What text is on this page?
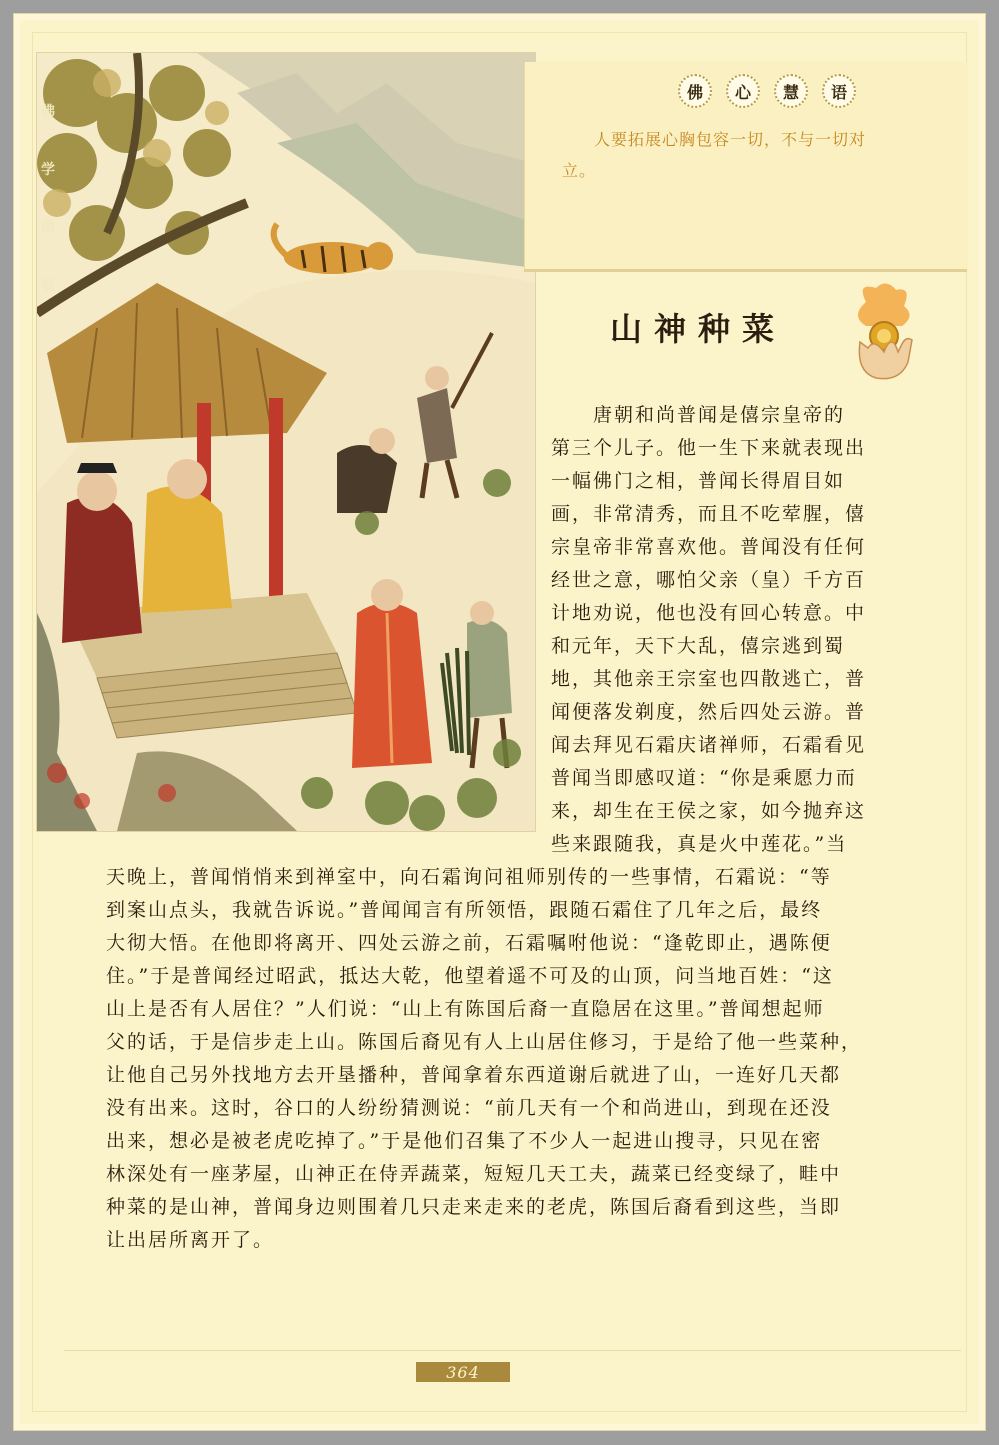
佛 学 图 说
佛	心	慧	语
人要拓展心胸包容一切，不与一切对立。
山神种菜
　　唐朝和尚普闻是僖宗皇帝的
第三个儿子。他一生下来就表现出
一幅佛门之相，普闻长得眉目如
画，非常清秀，而且不吃荤腥，僖
宗皇帝非常喜欢他。普闻没有任何
经世之意，哪怕父亲（皇）千方百
计地劝说，他也没有回心转意。中
和元年，天下大乱，僖宗逃到蜀
地，其他亲王宗室也四散逃亡，普
闻便落发剃度，然后四处云游。普
闻去拜见石霜庆诸禅师，石霜看见
普闻当即感叹道：“你是乘愿力而
来，却生在王侯之家，如今抛弃这
些来跟随我，真是火中莲花。”当
天晚上，普闻悄悄来到禅室中，向石霜询问祖师别传的一些事情，石霜说：“等
到案山点头，我就告诉说。”普闻闻言有所领悟，跟随石霜住了几年之后，最终
大彻大悟。在他即将离开、四处云游之前，石霜嘱咐他说：“逢乾即止，遇陈便
住。”于是普闻经过昭武，抵达大乾，他望着遥不可及的山顶，问当地百姓：“这
山上是否有人居住？”人们说：“山上有陈国后裔一直隐居在这里。”普闻想起师
父的话，于是信步走上山。陈国后裔见有人上山居住修习，于是给了他一些菜种，
让他自己另外找地方去开垦播种，普闻拿着东西道谢后就进了山，一连好几天都
没有出来。这时，谷口的人纷纷猜测说：“前几天有一个和尚进山，到现在还没
出来，想必是被老虎吃掉了。”于是他们召集了不少人一起进山搜寻，只见在密
林深处有一座茅屋，山神正在侍弄蔬菜，短短几天工夫，蔬菜已经变绿了，畦中
种菜的是山神，普闻身边则围着几只走来走来的老虎，陈国后裔看到这些，当即
让出居所离开了。
364
